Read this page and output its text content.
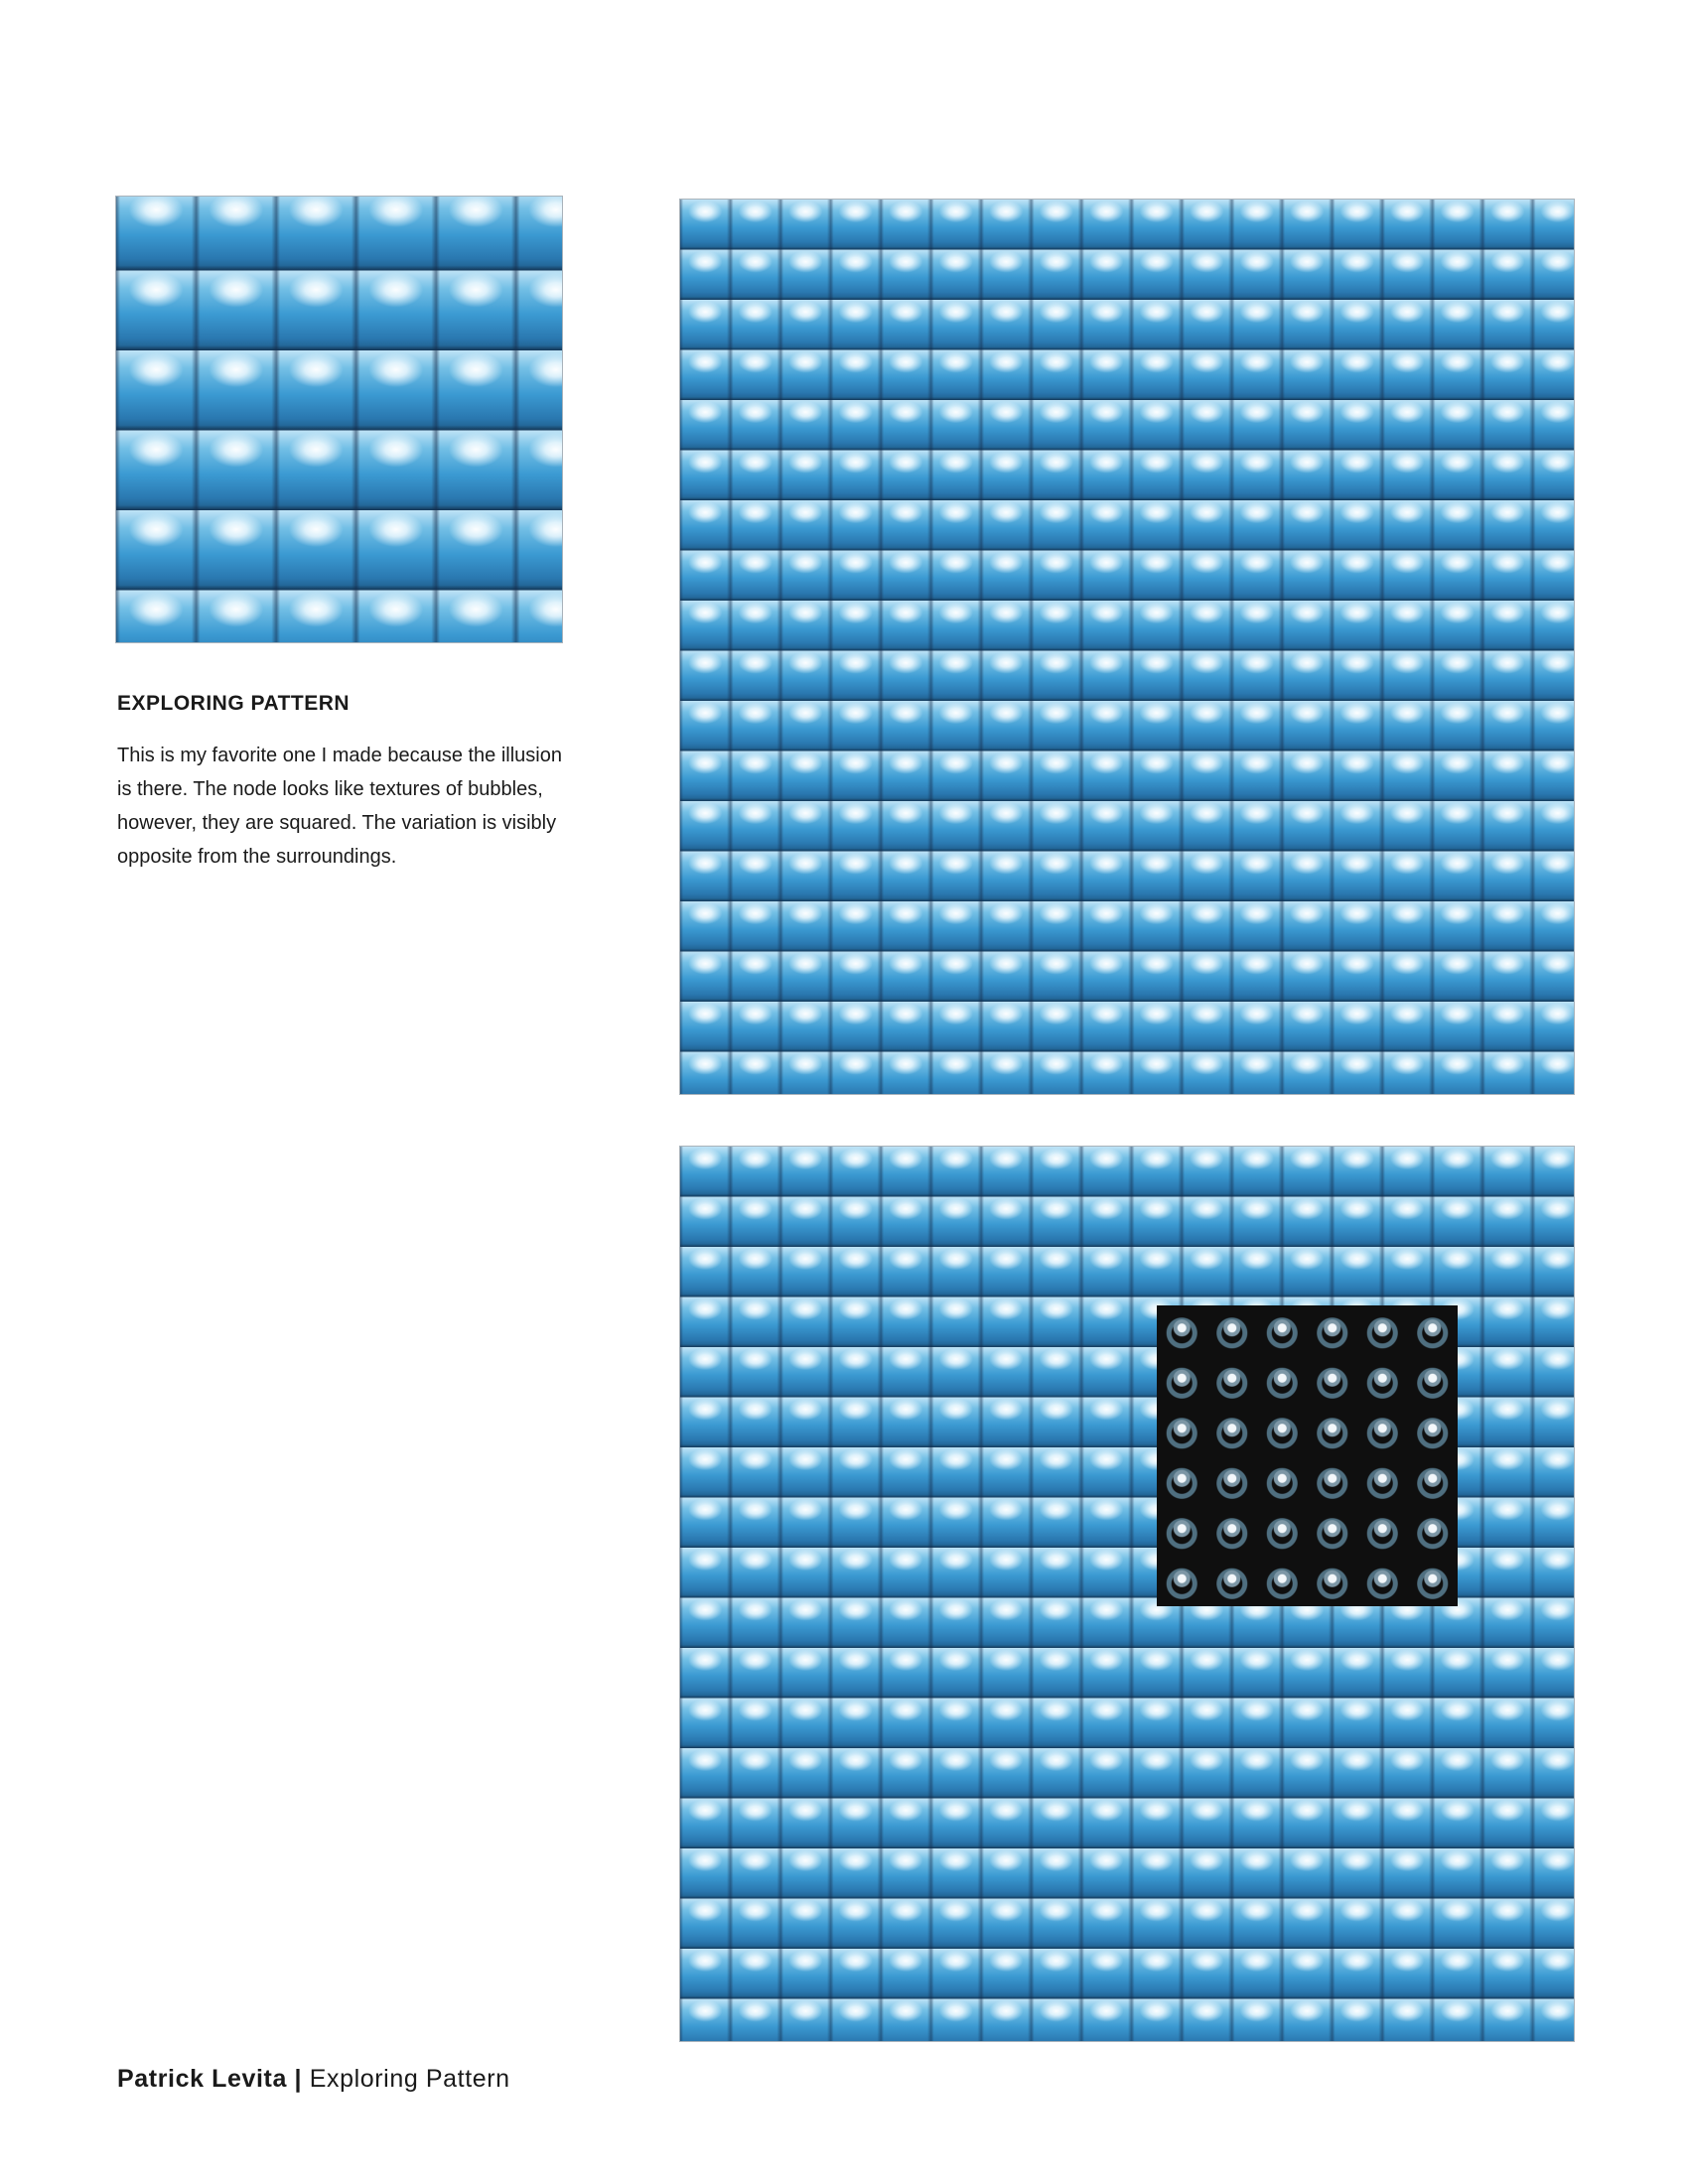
EXPLORING PATTERN

This is my favorite one I made because the illusion is there. The node looks like textures of bubbles, however, they are squared. The variation is visibly opposite from the surroundings.

Patrick Levita | Exploring Pattern
